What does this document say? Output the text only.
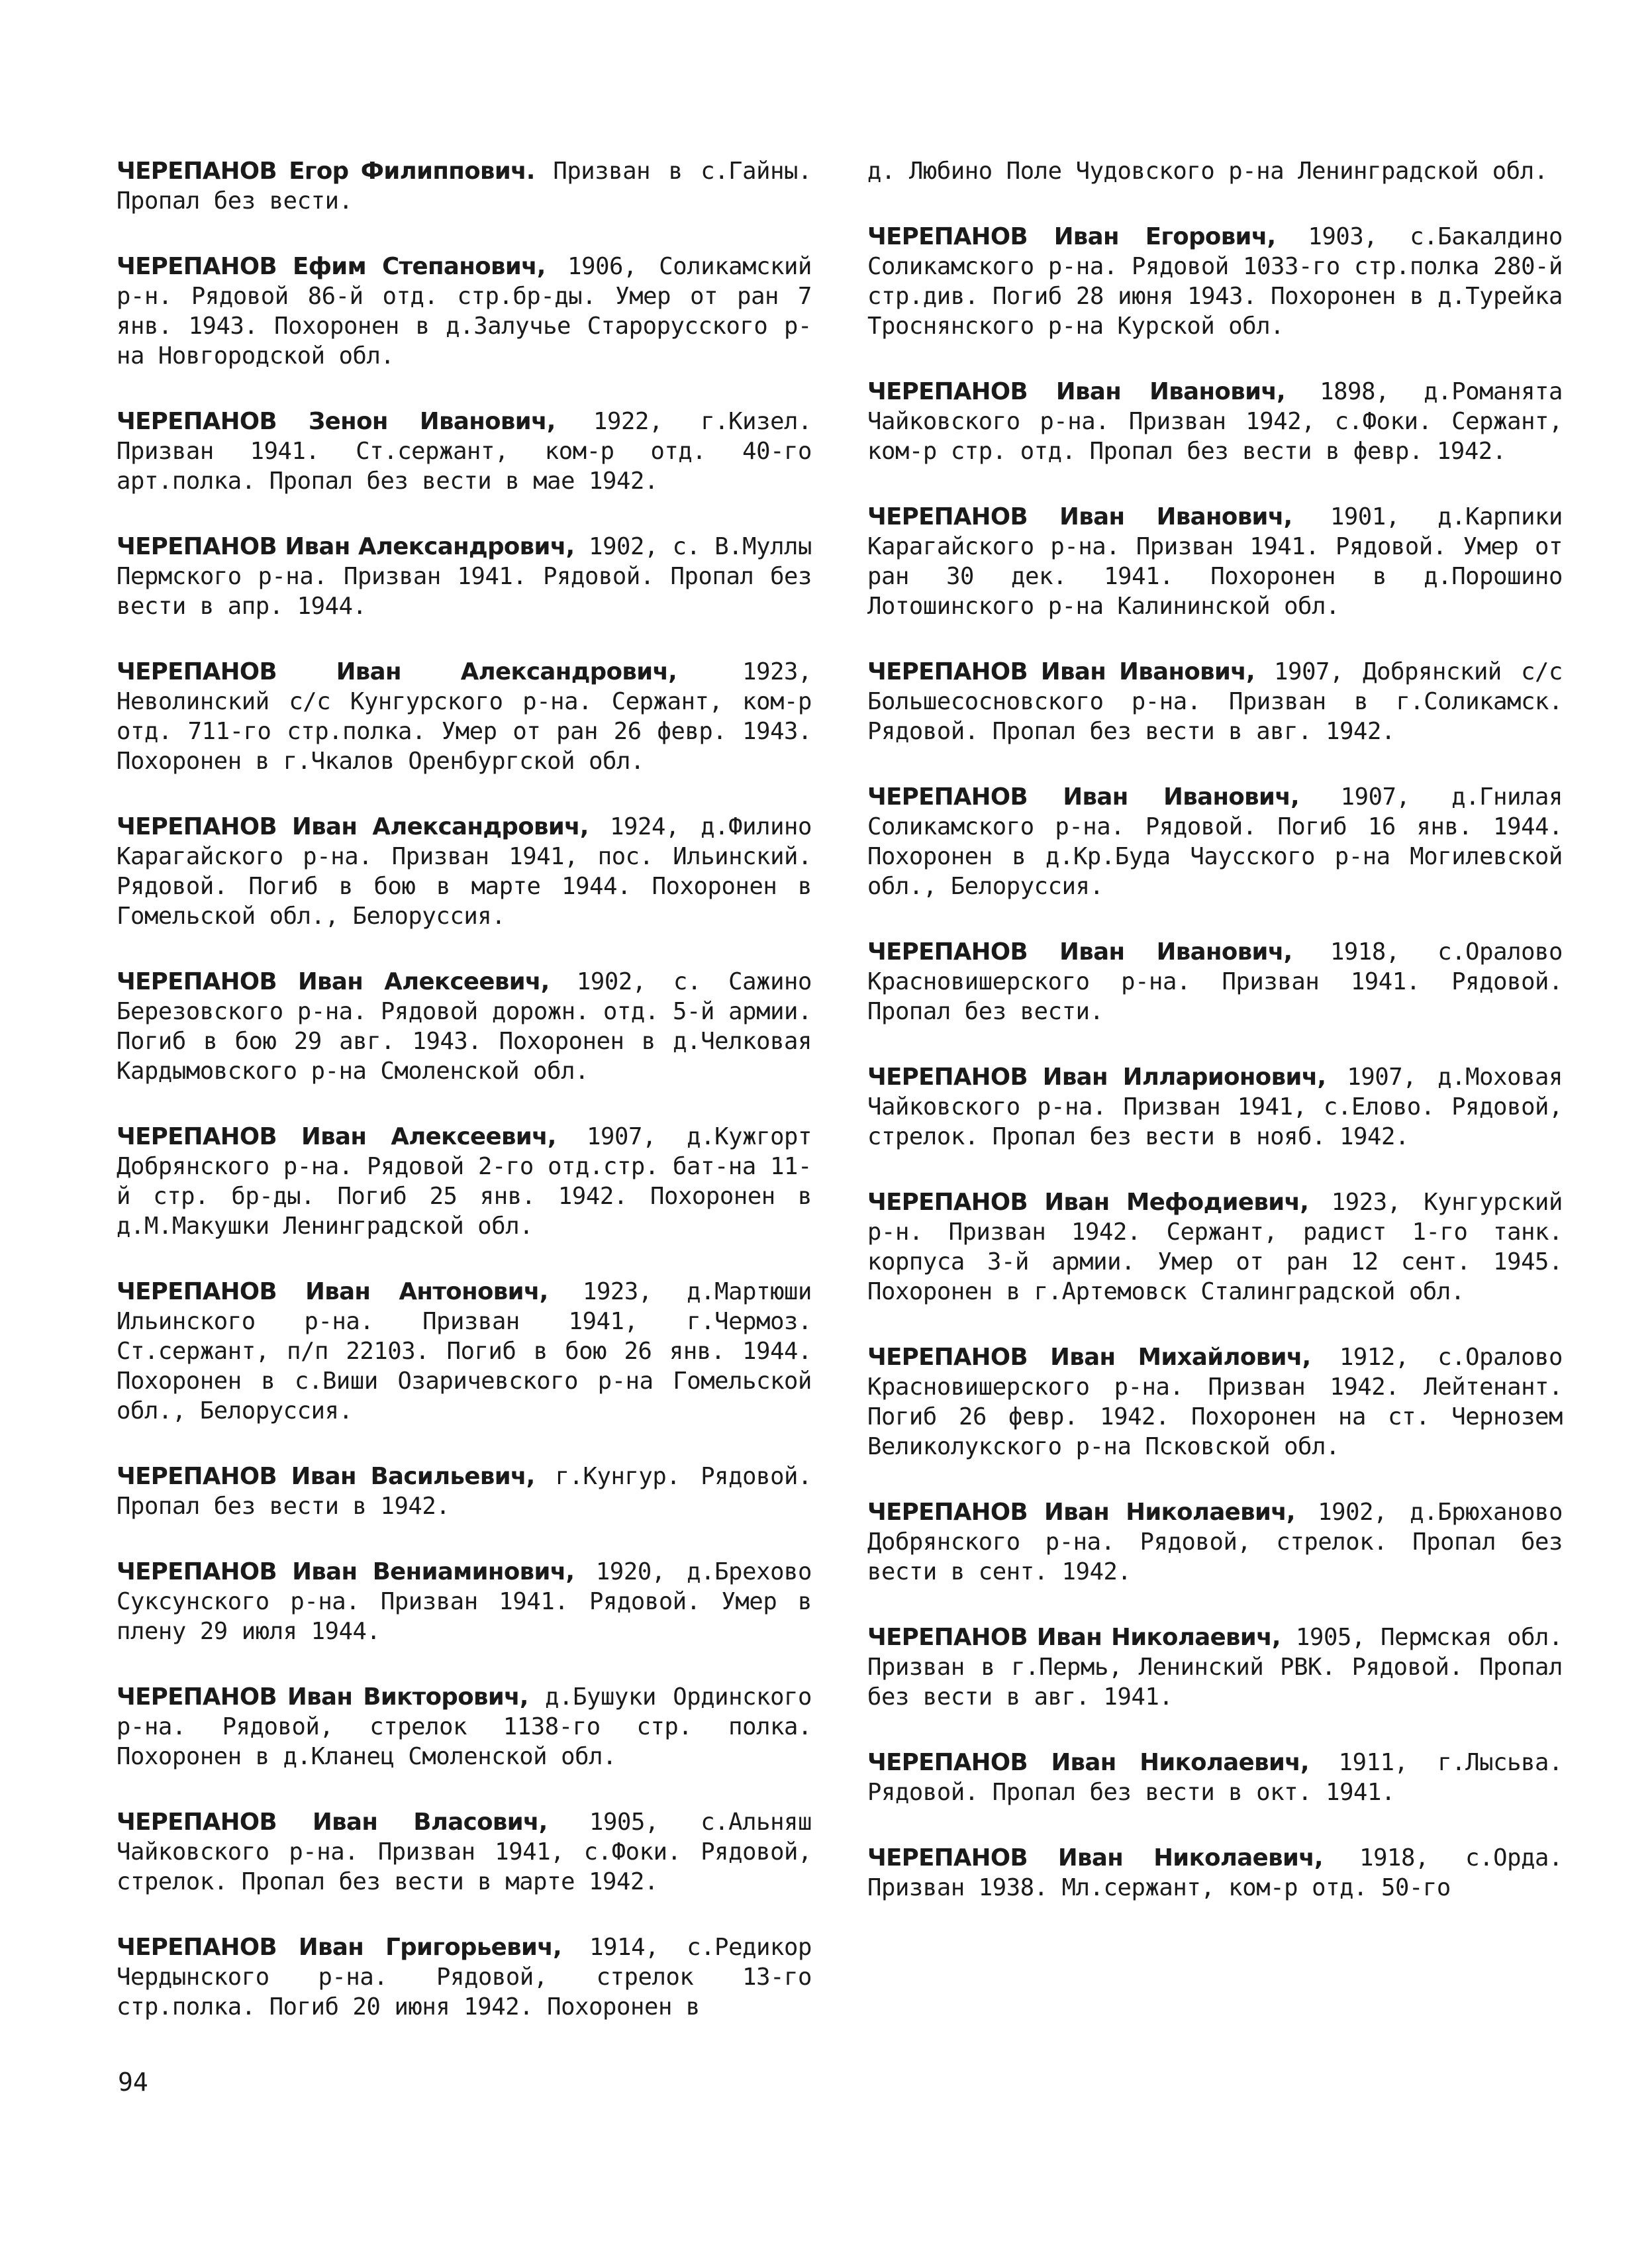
ЧЕРЕПАНОВ Егор Филиппович. Призван в с.Гайны. Пропал без вести.

ЧЕРЕПАНОВ Ефим Степанович, 1906, Соликамский р-н. Рядовой 86-й отд. стр.бр-ды. Умер от ран 7 янв. 1943. Похоронен в д.Залучье Старорусского р-на Новгородской обл.

ЧЕРЕПАНОВ Зенон Иванович, 1922, г.Кизел. Призван 1941. Ст.сержант, ком-р отд. 40-го арт.полка. Пропал без вести в мае 1942.

ЧЕРЕПАНОВ Иван Александрович, 1902, с. В.Муллы Пермского р-на. Призван 1941. Рядовой. Пропал без вести в апр. 1944.

ЧЕРЕПАНОВ Иван Александрович, 1923, Неволинский с/с Кунгурского р-на. Сержант, ком-р отд. 711-го стр.полка. Умер от ран 26 февр. 1943. Похоронен в г.Чкалов Оренбургской обл.

ЧЕРЕПАНОВ Иван Александрович, 1924, д.Филино Карагайского р-на. Призван 1941, пос. Ильинский. Рядовой. Погиб в бою в марте 1944. Похоронен в Гомельской обл., Белоруссия.

ЧЕРЕПАНОВ Иван Алексеевич, 1902, с. Сажино Березовского р-на. Рядовой дорожн. отд. 5-й армии. Погиб в бою 29 авг. 1943. Похоронен в д.Челковая Кардымовского р-на Смоленской обл.

ЧЕРЕПАНОВ Иван Алексеевич, 1907, д.Кужгорт Добрянского р-на. Рядовой 2-го отд.стр. бат-на 11-й стр. бр-ды. Погиб 25 янв. 1942. Похоронен в д.М.Макушки Ленинградской обл.

ЧЕРЕПАНОВ Иван Антонович, 1923, д.Мартюши Ильинского р-на. Призван 1941, г.Чермоз. Ст.сержант, п/п 22103. Погиб в бою 26 янв. 1944. Похоронен в с.Виши Озаричевского р-на Гомельской обл., Белоруссия.

ЧЕРЕПАНОВ Иван Васильевич, г.Кунгур. Рядовой. Пропал без вести в 1942.

ЧЕРЕПАНОВ Иван Вениаминович, 1920, д.Брехово Суксунского р-на. Призван 1941. Рядовой. Умер в плену 29 июля 1944.

ЧЕРЕПАНОВ Иван Викторович, д.Бушуки Ординского р-на. Рядовой, стрелок 1138-го стр. полка. Похоронен в д.Кланец Смоленской обл.

ЧЕРЕПАНОВ Иван Власович, 1905, с.Альняш Чайковского р-на. Призван 1941, с.Фоки. Рядовой, стрелок. Пропал без вести в марте 1942.

ЧЕРЕПАНОВ Иван Григорьевич, 1914, с.Редикор Чердынского р-на. Рядовой, стрелок 13-го стр.полка. Погиб 20 июня 1942. Похоронен в

д. Любино Поле Чудовского р-на Ленинградской обл.

ЧЕРЕПАНОВ Иван Егорович, 1903, с.Бакалдино Соликамского р-на. Рядовой 1033-го стр.полка 280-й стр.див. Погиб 28 июня 1943. Похоронен в д.Турейка Троснянского р-на Курской обл.

ЧЕРЕПАНОВ Иван Иванович, 1898, д.Романята Чайковского р-на. Призван 1942, с.Фоки. Сержант, ком-р стр. отд. Пропал без вести в февр. 1942.

ЧЕРЕПАНОВ Иван Иванович, 1901, д.Карпики Карагайского р-на. Призван 1941. Рядовой. Умер от ран 30 дек. 1941. Похоронен в д.Порошино Лотошинского р-на Калининской обл.

ЧЕРЕПАНОВ Иван Иванович, 1907, Добрянский с/с Большесосновского р-на. Призван в г.Соликамск. Рядовой. Пропал без вести в авг. 1942.

ЧЕРЕПАНОВ Иван Иванович, 1907, д.Гнилая Соликамского р-на. Рядовой. Погиб 16 янв. 1944. Похоронен в д.Кр.Буда Чаусского р-на Могилевской обл., Белоруссия.

ЧЕРЕПАНОВ Иван Иванович, 1918, с.Оралово Красновишерского р-на. Призван 1941. Рядовой. Пропал без вести.

ЧЕРЕПАНОВ Иван Илларионович, 1907, д.Моховая Чайковского р-на. Призван 1941, с.Елово. Рядовой, стрелок. Пропал без вести в нояб. 1942.

ЧЕРЕПАНОВ Иван Мефодиевич, 1923, Кунгурский р-н. Призван 1942. Сержант, радист 1-го танк. корпуса 3-й армии. Умер от ран 12 сент. 1945. Похоронен в г.Артемовск Сталинградской обл.

ЧЕРЕПАНОВ Иван Михайлович, 1912, с.Оралово Красновишерского р-на. Призван 1942. Лейтенант. Погиб 26 февр. 1942. Похоронен на ст. Чернозем Великолукского р-на Псковской обл.

ЧЕРЕПАНОВ Иван Николаевич, 1902, д.Брюханово Добрянского р-на. Рядовой, стрелок. Пропал без вести в сент. 1942.

ЧЕРЕПАНОВ Иван Николаевич, 1905, Пермская обл. Призван в г.Пермь, Ленинский РВК. Рядовой. Пропал без вести в авг. 1941.

ЧЕРЕПАНОВ Иван Николаевич, 1911, г.Лысьва. Рядовой. Пропал без вести в окт. 1941.

ЧЕРЕПАНОВ Иван Николаевич, 1918, с.Орда. Призван 1938. Мл.сержант, ком-р отд. 50-го

94
